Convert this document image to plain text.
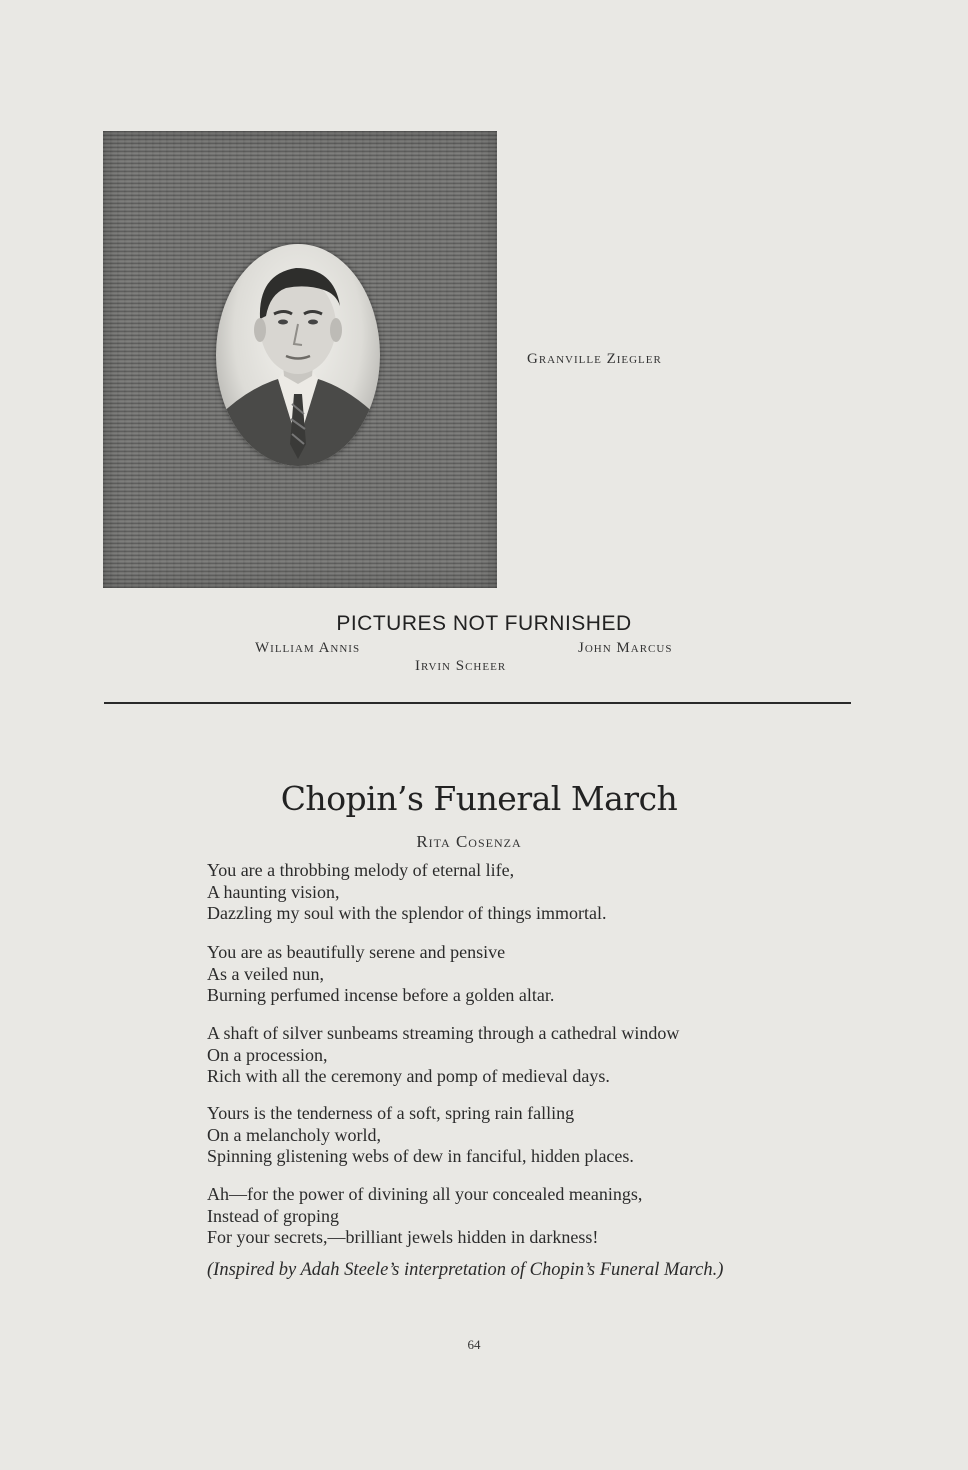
Granville Ziegler
PICTURES NOT FURNISHED
William Annis
Irvin Scheer
John Marcus
Chopin’s Funeral March
Rita Cosenza
You are a throbbing melody of eternal life,
A haunting vision,
Dazzling my soul with the splendor of things immortal.
You are as beautifully serene and pensive
As a veiled nun,
Burning perfumed incense before a golden altar.
A shaft of silver sunbeams streaming through a cathedral window
On a procession,
Rich with all the ceremony and pomp of medieval days.
Yours is the tenderness of a soft, spring rain falling
On a melancholy world,
Spinning glistening webs of dew in fanciful, hidden places.
Ah—for the power of divining all your concealed meanings,
Instead of groping
For your secrets,—brilliant jewels hidden in darkness!
(Inspired by Adah Steele’s interpretation of Chopin’s Funeral March.)
64
